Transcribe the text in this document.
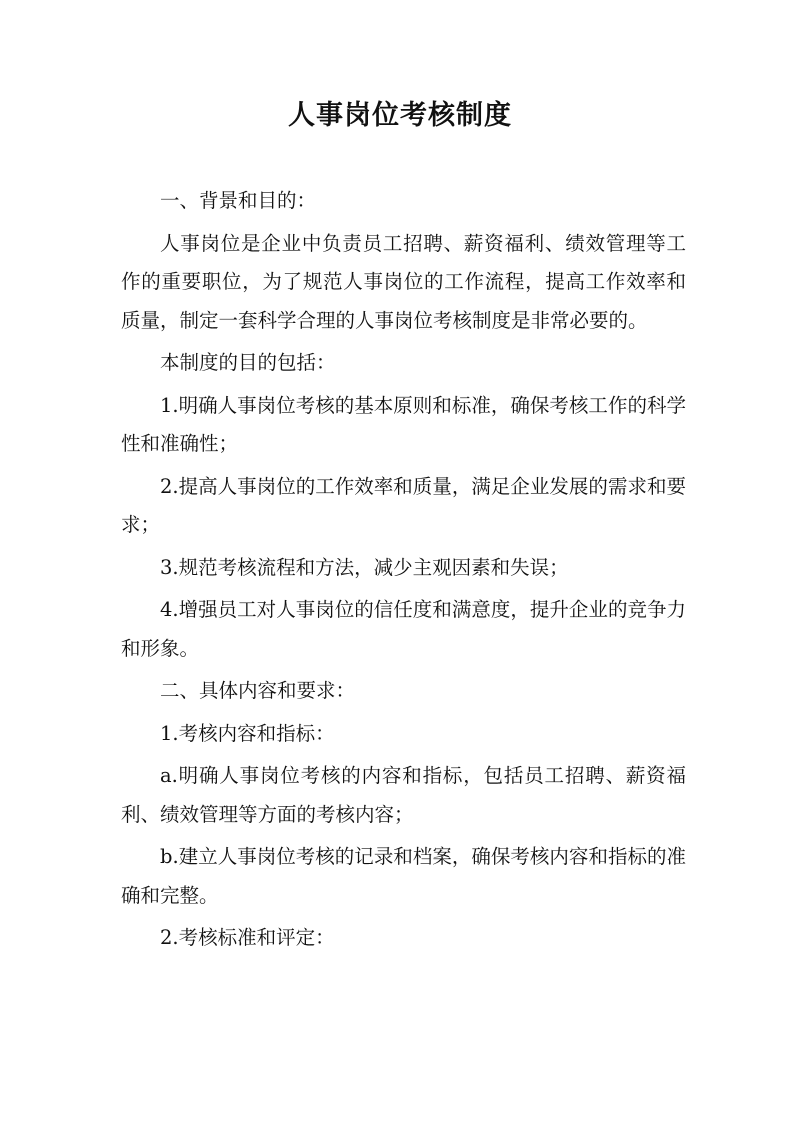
人事岗位考核制度

一、背景和目的：

人事岗位是企业中负责员工招聘、薪资福利、绩效管理等工作的重要职位，为了规范人事岗位的工作流程，提高工作效率和质量，制定一套科学合理的人事岗位考核制度是非常必要的。

本制度的目的包括：

1.明确人事岗位考核的基本原则和标准，确保考核工作的科学性和准确性；

2.提高人事岗位的工作效率和质量，满足企业发展的需求和要求；

3.规范考核流程和方法，减少主观因素和失误；

4.增强员工对人事岗位的信任度和满意度，提升企业的竞争力和形象。

二、具体内容和要求：

1.考核内容和指标：

a.明确人事岗位考核的内容和指标，包括员工招聘、薪资福利、绩效管理等方面的考核内容；

b.建立人事岗位考核的记录和档案，确保考核内容和指标的准确和完整。

2.考核标准和评定：
